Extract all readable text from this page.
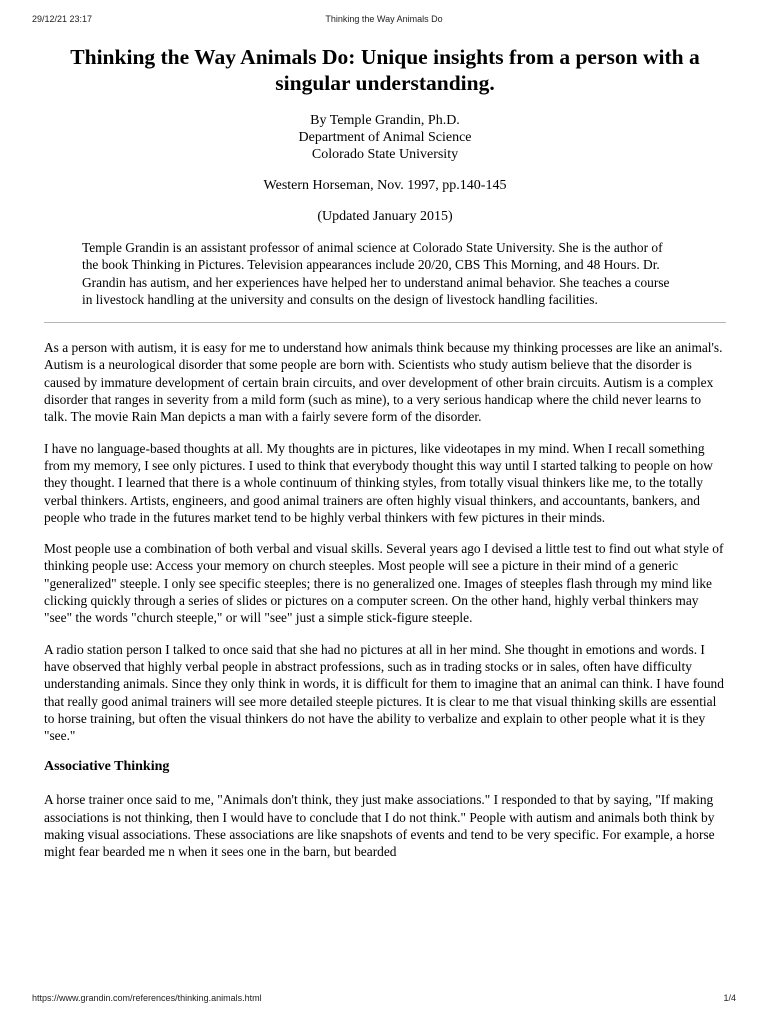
29/12/21 23:17	Thinking the Way Animals Do
Thinking the Way Animals Do: Unique insights from a person with a singular understanding.
By Temple Grandin, Ph.D.
Department of Animal Science
Colorado State University
Western Horseman, Nov. 1997, pp.140-145
(Updated January 2015)
Temple Grandin is an assistant professor of animal science at Colorado State University. She is the author of the book Thinking in Pictures. Television appearances include 20/20, CBS This Morning, and 48 Hours. Dr. Grandin has autism, and her experiences have helped her to understand animal behavior. She teaches a course in livestock handling at the university and consults on the design of livestock handling facilities.

As a person with autism, it is easy for me to understand how animals think because my thinking processes are like an animal's. Autism is a neurological disorder that some people are born with. Scientists who study autism believe that the disorder is caused by immature development of certain brain circuits, and over development of other brain circuits. Autism is a complex disorder that ranges in severity from a mild form (such as mine), to a very serious handicap where the child never learns to talk. The movie Rain Man depicts a man with a fairly severe form of the disorder.

I have no language-based thoughts at all. My thoughts are in pictures, like videotapes in my mind. When I recall something from my memory, I see only pictures. I used to think that everybody thought this way until I started talking to people on how they thought. I learned that there is a whole continuum of thinking styles, from totally visual thinkers like me, to the totally verbal thinkers. Artists, engineers, and good animal trainers are often highly visual thinkers, and accountants, bankers, and people who trade in the futures market tend to be highly verbal thinkers with few pictures in their minds.

Most people use a combination of both verbal and visual skills. Several years ago I devised a little test to find out what style of thinking people use: Access your memory on church steeples. Most people will see a picture in their mind of a generic "generalized" steeple. I only see specific steeples; there is no generalized one. Images of steeples flash through my mind like clicking quickly through a series of slides or pictures on a computer screen. On the other hand, highly verbal thinkers may "see" the words "church steeple," or will "see" just a simple stick-figure steeple.

A radio station person I talked to once said that she had no pictures at all in her mind. She thought in emotions and words. I have observed that highly verbal people in abstract professions, such as in trading stocks or in sales, often have difficulty understanding animals. Since they only think in words, it is difficult for them to imagine that an animal can think. I have found that really good animal trainers will see more detailed steeple pictures. It is clear to me that visual thinking skills are essential to horse training, but often the visual thinkers do not have the ability to verbalize and explain to other people what it is they "see."

Associative Thinking

A horse trainer once said to me, "Animals don't think, they just make associations." I responded to that by saying, "If making associations is not thinking, then I would have to conclude that I do not think." People with autism and animals both think by making visual associations. These associations are like snapshots of events and tend to be very specific. For example, a horse might fear bearded me n when it sees one in the barn, but bearded

https://www.grandin.com/references/thinking.animals.html	1/4
